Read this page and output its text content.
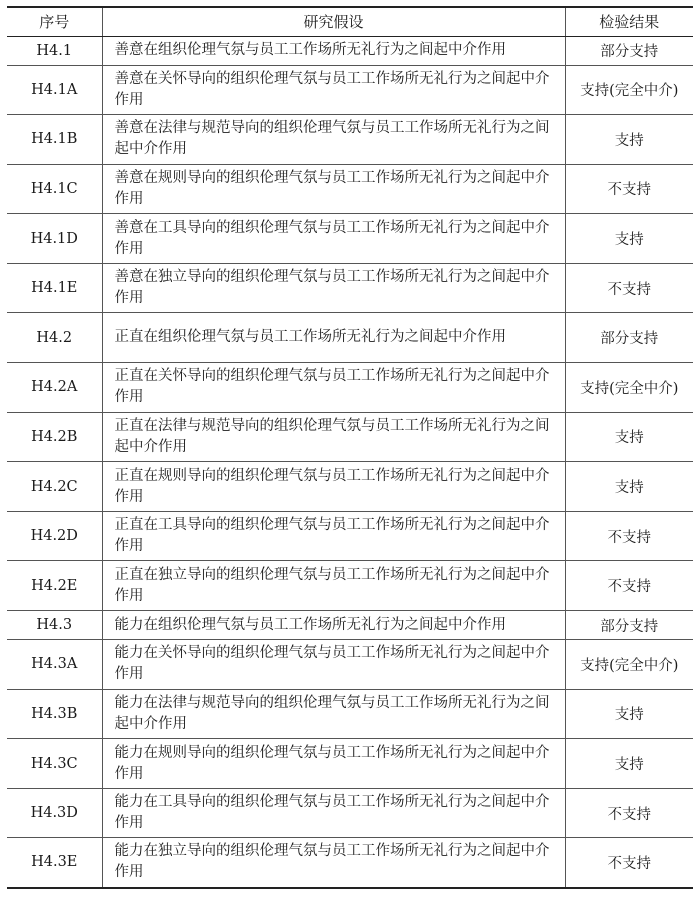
序号	研究假设	检验结果
H4.1	善意在组织伦理气氛与员工工作场所无礼行为之间起中介作用	部分支持
H4.1A	善意在关怀导向的组织伦理气氛与员工工作场所无礼行为之间起中介作用	支持(完全中介)
H4.1B	善意在法律与规范导向的组织伦理气氛与员工工作场所无礼行为之间起中介作用	支持
H4.1C	善意在规则导向的组织伦理气氛与员工工作场所无礼行为之间起中介作用	不支持
H4.1D	善意在工具导向的组织伦理气氛与员工工作场所无礼行为之间起中介作用	支持
H4.1E	善意在独立导向的组织伦理气氛与员工工作场所无礼行为之间起中介作用	不支持
H4.2	正直在组织伦理气氛与员工工作场所无礼行为之间起中介作用	部分支持
H4.2A	正直在关怀导向的组织伦理气氛与员工工作场所无礼行为之间起中介作用	支持(完全中介)
H4.2B	正直在法律与规范导向的组织伦理气氛与员工工作场所无礼行为之间起中介作用	支持
H4.2C	正直在规则导向的组织伦理气氛与员工工作场所无礼行为之间起中介作用	支持
H4.2D	正直在工具导向的组织伦理气氛与员工工作场所无礼行为之间起中介作用	不支持
H4.2E	正直在独立导向的组织伦理气氛与员工工作场所无礼行为之间起中介作用	不支持
H4.3	能力在组织伦理气氛与员工工作场所无礼行为之间起中介作用	部分支持
H4.3A	能力在关怀导向的组织伦理气氛与员工工作场所无礼行为之间起中介作用	支持(完全中介)
H4.3B	能力在法律与规范导向的组织伦理气氛与员工工作场所无礼行为之间起中介作用	支持
H4.3C	能力在规则导向的组织伦理气氛与员工工作场所无礼行为之间起中介作用	支持
H4.3D	能力在工具导向的组织伦理气氛与员工工作场所无礼行为之间起中介作用	不支持
H4.3E	能力在独立导向的组织伦理气氛与员工工作场所无礼行为之间起中介作用	不支持
